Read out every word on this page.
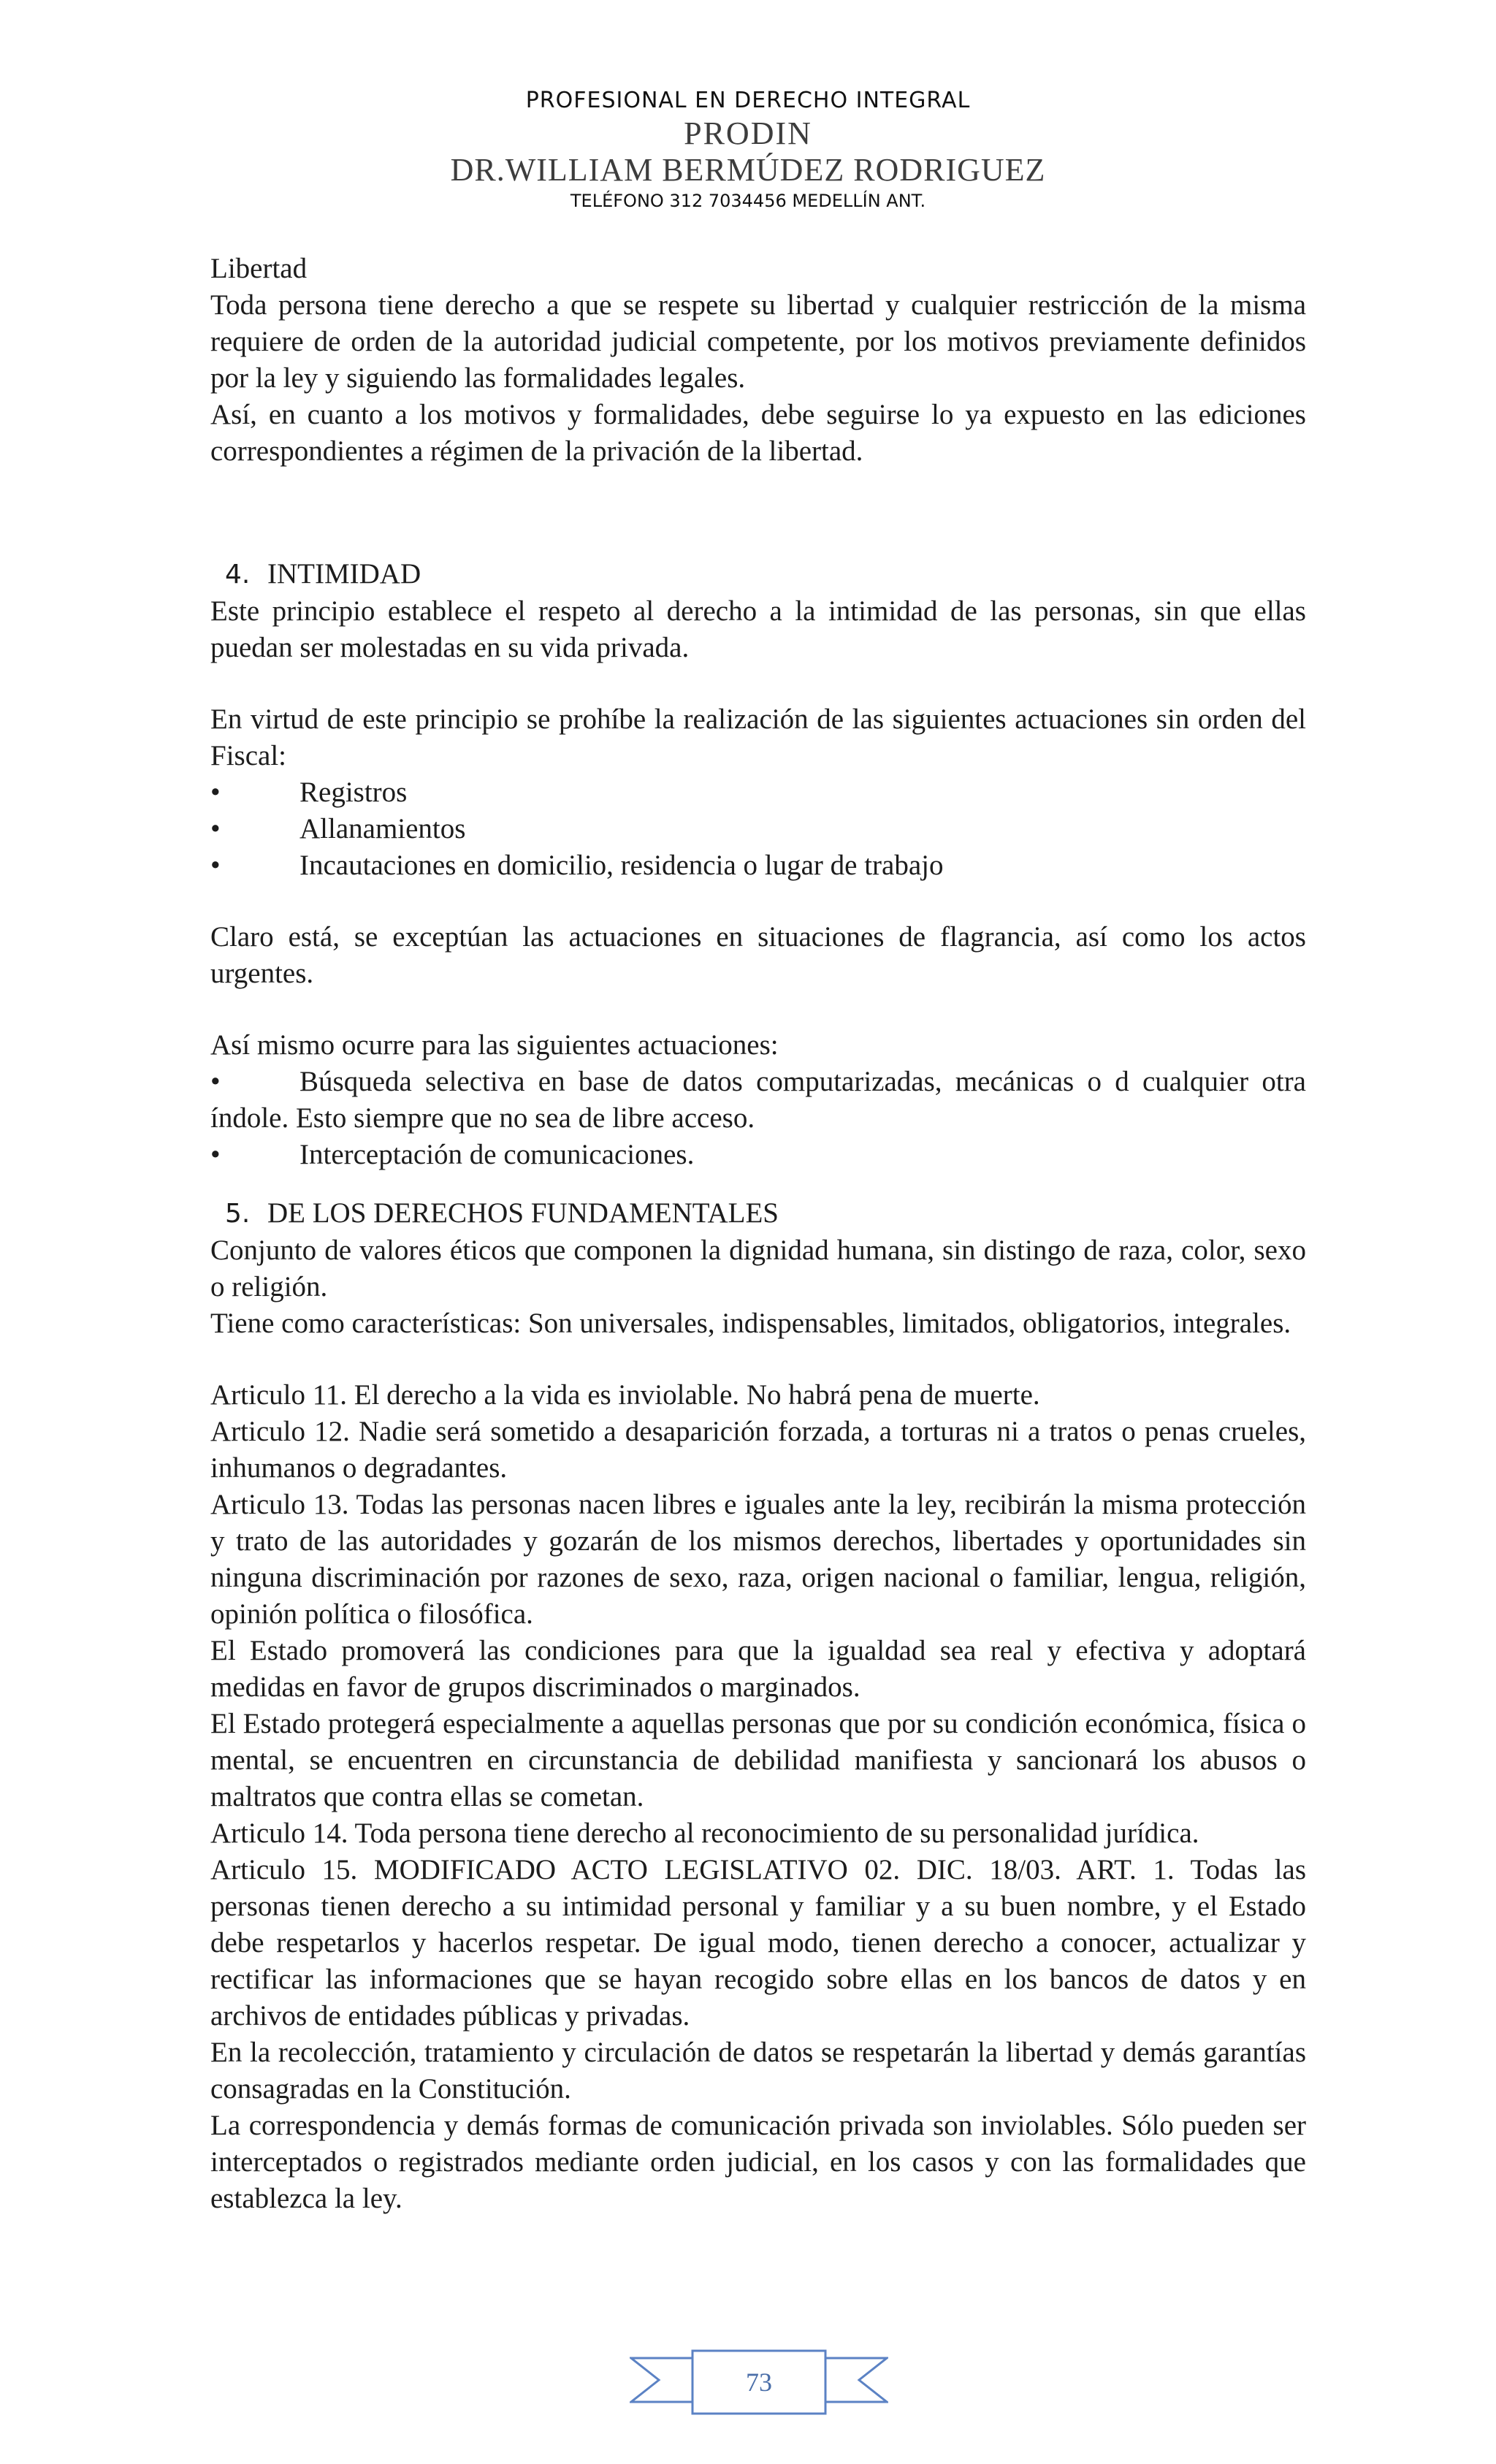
PROFESIONAL EN DERECHO INTEGRAL
PRODIN
DR.WILLIAM BERMÚDEZ RODRIGUEZ
TELÉFONO 312 7034456 MEDELLÍN ANT.

Libertad

Toda persona tiene derecho a que se respete su libertad y cualquier restricción de la misma requiere de orden de la autoridad judicial competente, por los motivos previamente definidos por la ley y siguiendo las formalidades legales.

Así, en cuanto a los motivos y formalidades, debe seguirse lo ya expuesto en las ediciones correspondientes a régimen de la privación de la libertad.

4. INTIMIDAD

Este principio establece el respeto al derecho a la intimidad de las personas, sin que ellas puedan ser molestadas en su vida privada.

En virtud de este principio se prohíbe la realización de las siguientes actuaciones sin orden del Fiscal:

•	Registros

•	Allanamientos

•	Incautaciones en domicilio, residencia o lugar de trabajo

Claro está, se exceptúan las actuaciones en situaciones de flagrancia, así como los actos urgentes.

Así mismo ocurre para las siguientes actuaciones:

•	Búsqueda selectiva en base de datos computarizadas, mecánicas o d cualquier otra índole. Esto siempre que no sea de libre acceso.

•	Interceptación de comunicaciones.

5. DE LOS DERECHOS FUNDAMENTALES

Conjunto de valores éticos que componen la dignidad humana, sin distingo de raza, color, sexo o religión.

Tiene como características: Son universales, indispensables, limitados, obligatorios, integrales.

Articulo 11. El derecho a la vida es inviolable. No habrá pena de muerte.

Articulo 12. Nadie será sometido a desaparición forzada, a torturas ni a tratos o penas crueles, inhumanos o degradantes.

Articulo 13. Todas las personas nacen libres e iguales ante la ley, recibirán la misma protección y trato de las autoridades y gozarán de los mismos derechos, libertades y oportunidades sin ninguna discriminación por razones de sexo, raza, origen nacional o familiar, lengua, religión, opinión política o filosófica.

El Estado promoverá las condiciones para que la igualdad sea real y efectiva y adoptará medidas en favor de grupos discriminados o marginados.

El Estado protegerá especialmente a aquellas personas que por su condición económica, física o mental, se encuentren en circunstancia de debilidad manifiesta y sancionará los abusos o maltratos que contra ellas se cometan.

Articulo 14. Toda persona tiene derecho al reconocimiento de su personalidad jurídica.

Articulo 15. MODIFICADO ACTO LEGISLATIVO 02. DIC. 18/03. ART. 1. Todas las personas tienen derecho a su intimidad personal y familiar y a su buen nombre, y el Estado debe respetarlos y hacerlos respetar. De igual modo, tienen derecho a conocer, actualizar y rectificar las informaciones que se hayan recogido sobre ellas en los bancos de datos y en archivos de entidades públicas y privadas.

En la recolección, tratamiento y circulación de datos se respetarán la libertad y demás garantías consagradas en la Constitución.

La correspondencia y demás formas de comunicación privada son inviolables. Sólo pueden ser interceptados o registrados mediante orden judicial, en los casos y con las formalidades que establezca la ley.

73
